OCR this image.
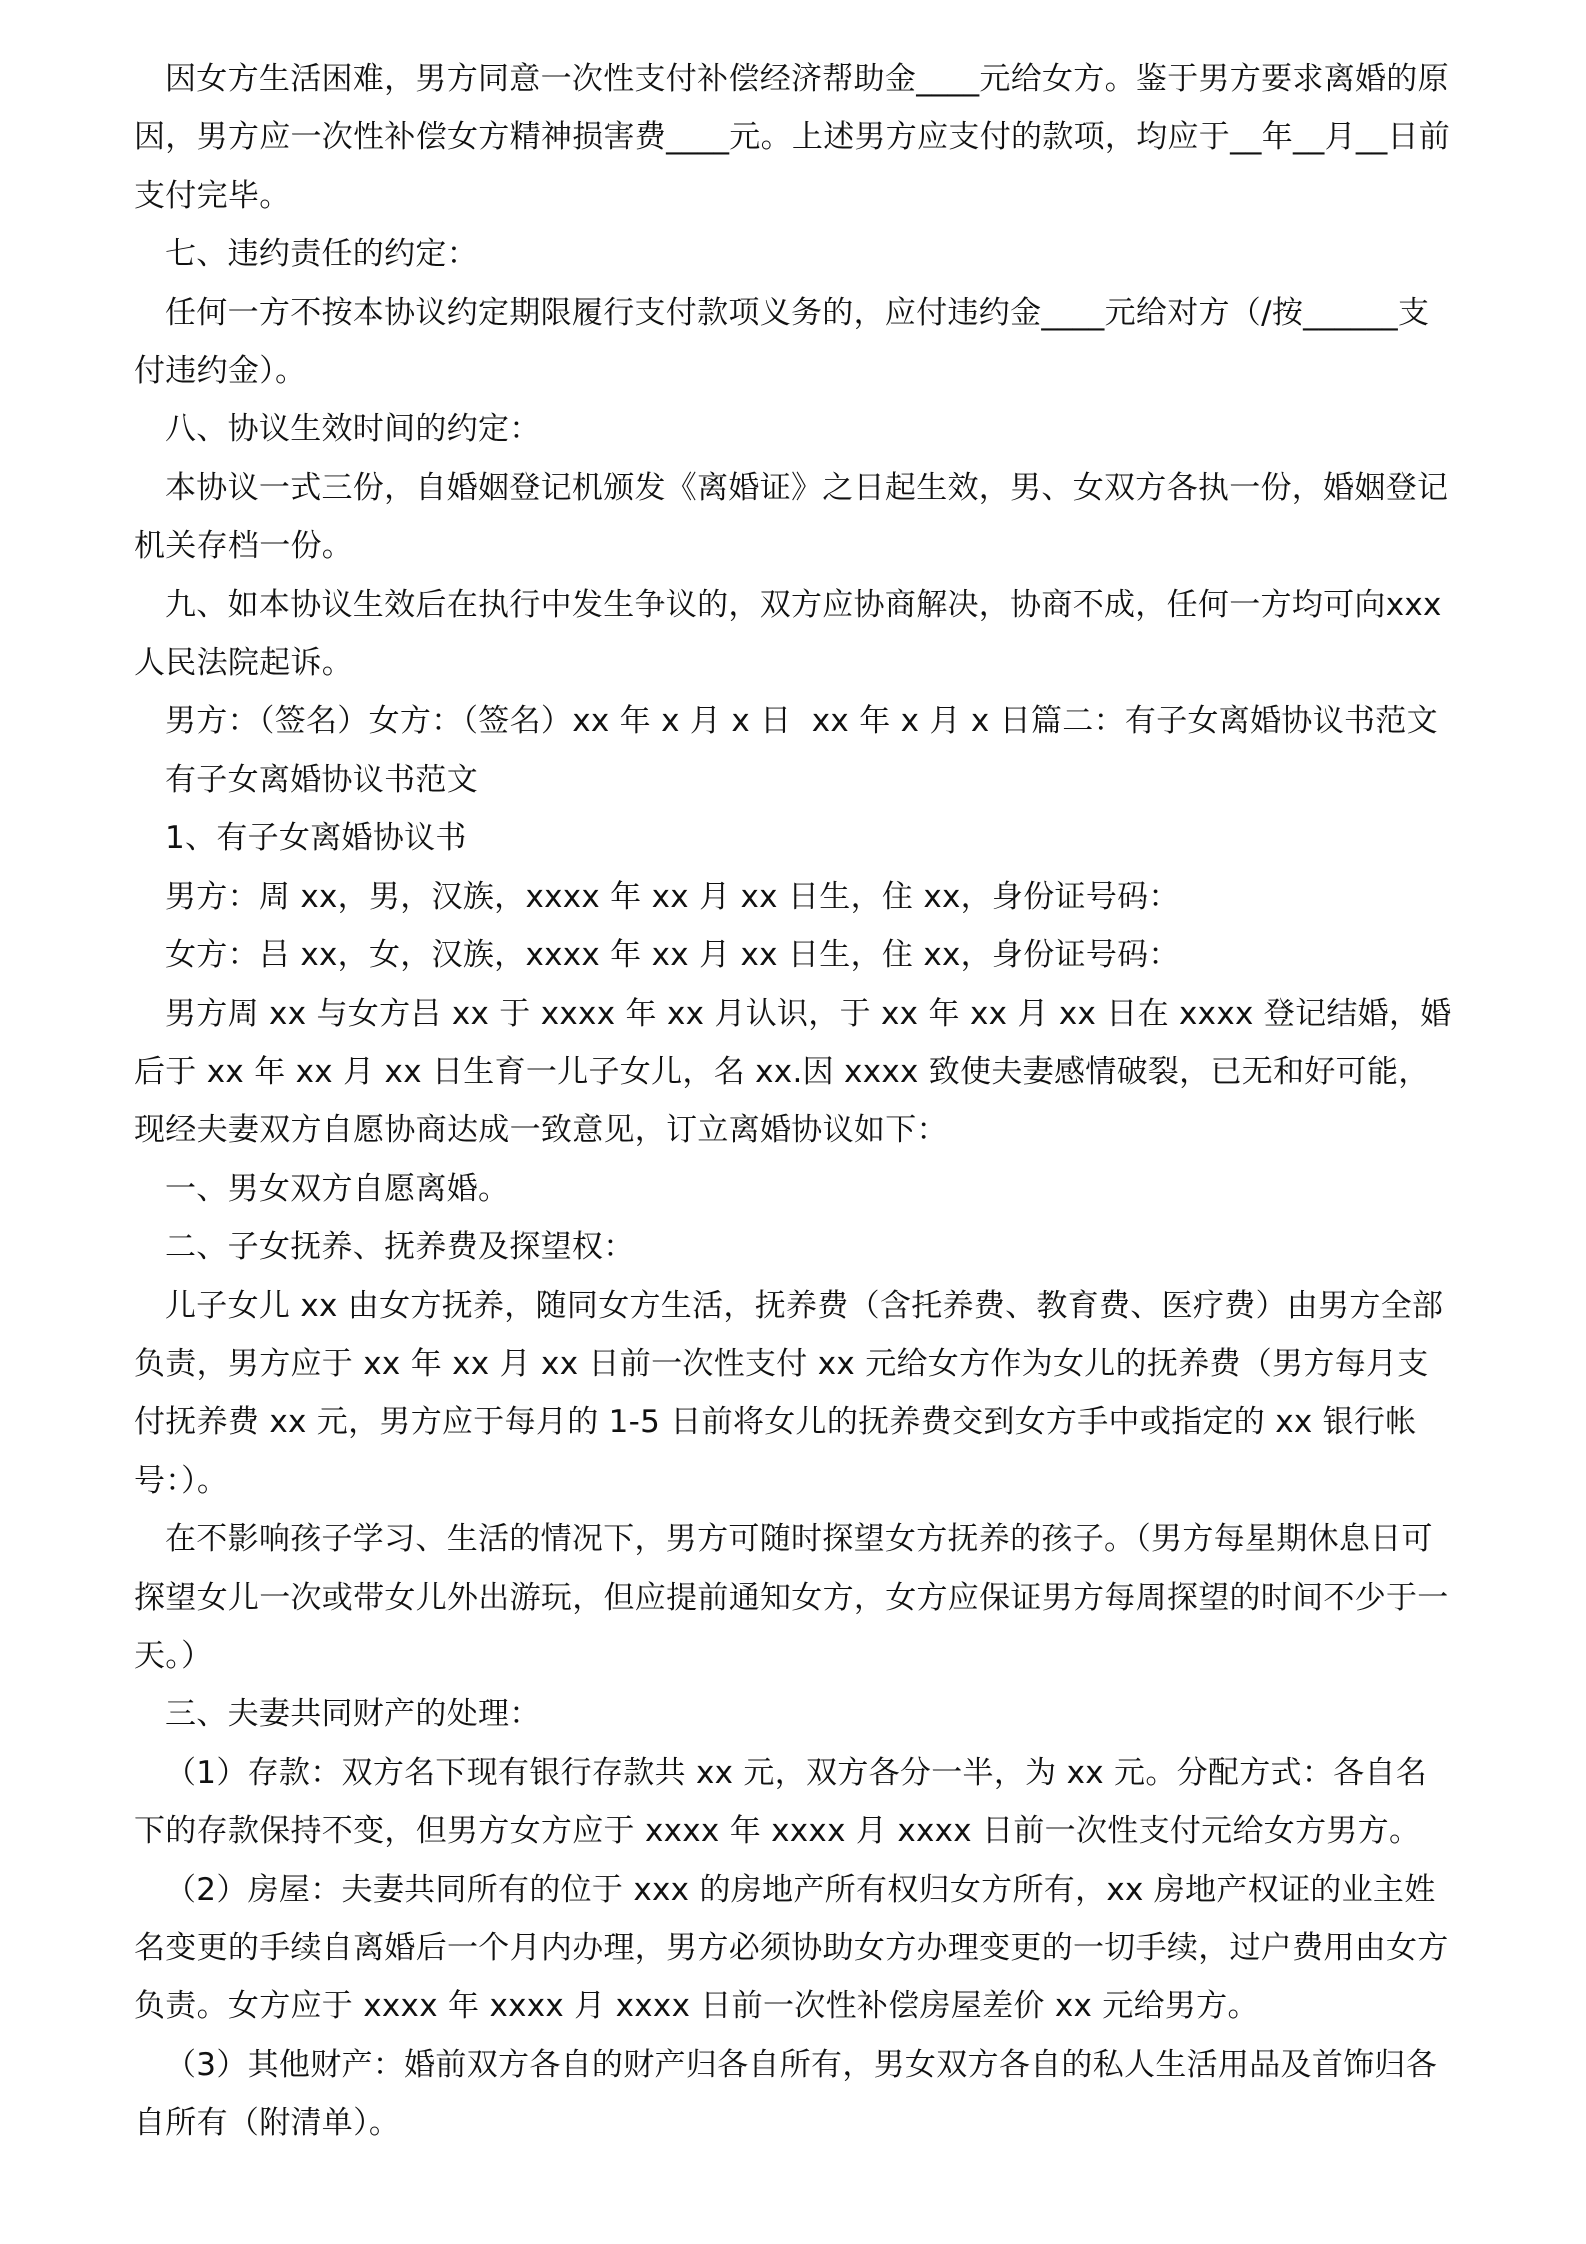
因女方生活困难，男方同意一次性支付补偿经济帮助金____元给女方。鉴于男方要求离婚的原因，男方应一次性补偿女方精神损害费____元。上述男方应支付的款项，均应于__年__月__日前支付完毕。

七、违约责任的约定：

任何一方不按本协议约定期限履行支付款项义务的，应付违约金____元给对方（/按______支付违约金）。

八、协议生效时间的约定：

本协议一式三份，自婚姻登记机颁发《离婚证》之日起生效，男、女双方各执一份，婚姻登记机关存档一份。

九、如本协议生效后在执行中发生争议的，双方应协商解决，协商不成，任何一方均可向xxx 人民法院起诉。

男方：（签名）女方：（签名）xx 年 x 月 x 日  xx 年 x 月 x 日篇二：有子女离婚协议书范文

有子女离婚协议书范文

1、有子女离婚协议书

男方：周 xx，男，汉族，xxxx 年 xx 月 xx 日生，住 xx，身份证号码：

女方：吕 xx，女，汉族，xxxx 年 xx 月 xx 日生，住 xx，身份证号码：

男方周 xx 与女方吕 xx 于 xxxx 年 xx 月认识，于 xx 年 xx 月 xx 日在 xxxx 登记结婚，婚后于 xx 年 xx 月 xx 日生育一儿子女儿，名 xx.因 xxxx 致使夫妻感情破裂，已无和好可能，现经夫妻双方自愿协商达成一致意见，订立离婚协议如下：

一、男女双方自愿离婚。

二、子女抚养、抚养费及探望权：

儿子女儿 xx 由女方抚养，随同女方生活，抚养费（含托养费、教育费、医疗费）由男方全部负责，男方应于 xx 年 xx 月 xx 日前一次性支付 xx 元给女方作为女儿的抚养费（男方每月支付抚养费 xx 元，男方应于每月的 1-5 日前将女儿的抚养费交到女方手中或指定的 xx 银行帐号：）。

在不影响孩子学习、生活的情况下，男方可随时探望女方抚养的孩子。（男方每星期休息日可探望女儿一次或带女儿外出游玩，但应提前通知女方，女方应保证男方每周探望的时间不少于一天。）

三、夫妻共同财产的处理：

（1）存款：双方名下现有银行存款共 xx 元，双方各分一半，为 xx 元。分配方式：各自名下的存款保持不变，但男方女方应于 xxxx 年 xxxx 月 xxxx 日前一次性支付元给女方男方。

（2）房屋：夫妻共同所有的位于 xxx 的房地产所有权归女方所有，xx 房地产权证的业主姓名变更的手续自离婚后一个月内办理，男方必须协助女方办理变更的一切手续，过户费用由女方负责。女方应于 xxxx 年 xxxx 月 xxxx 日前一次性补偿房屋差价 xx 元给男方。

（3）其他财产：婚前双方各自的财产归各自所有，男女双方各自的私人生活用品及首饰归各自所有（附清单）。
